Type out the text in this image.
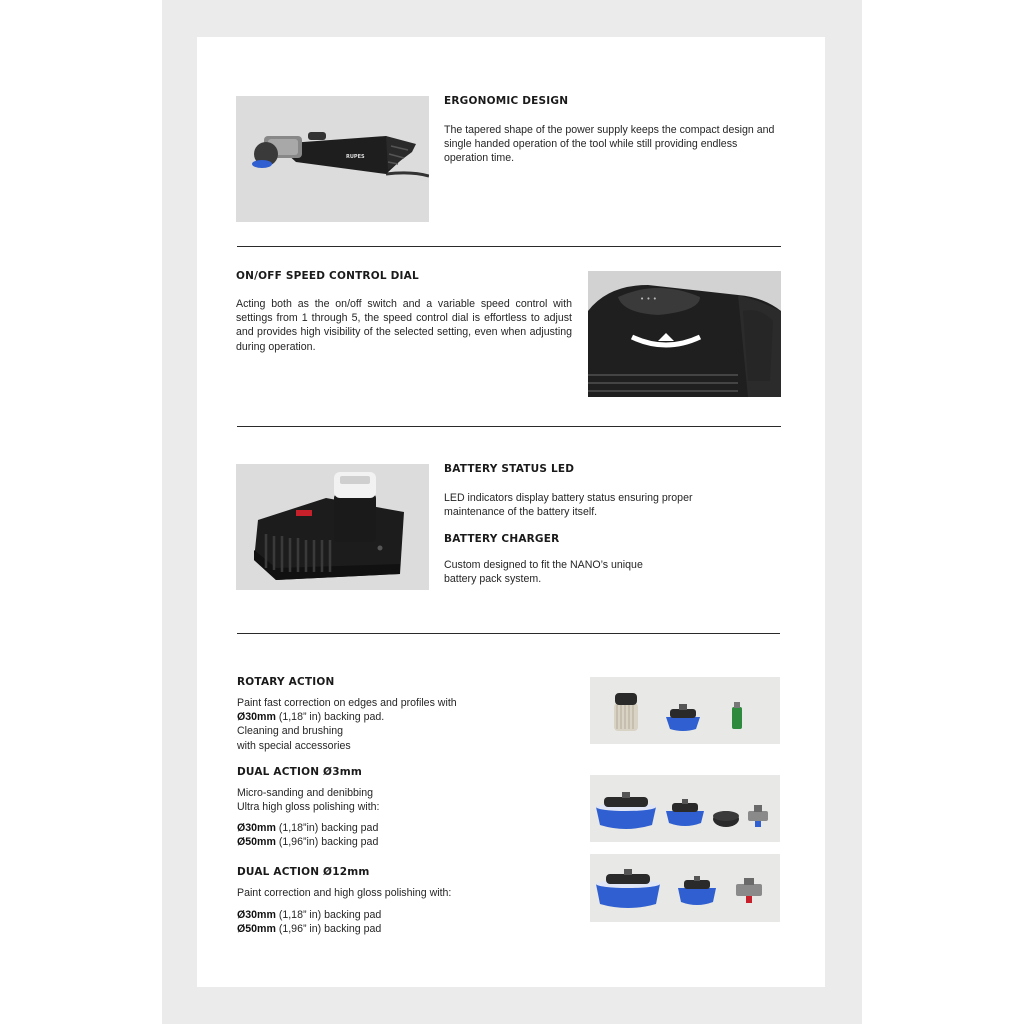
RUPES
ERGONOMIC DESIGN
The tapered shape of the power supply keeps the compact design and single handed operation of the tool while still providing endless operation time.
ON/OFF SPEED CONTROL DIAL
Acting both as the on/off switch and a variable speed control with settings from 1 through 5, the speed control dial is effortless to adjust and provides high visibility of the selected setting, even when adjusting during operation.
• • •
BATTERY STATUS LED
LED indicators display battery status ensuring proper maintenance of the battery itself.
BATTERY CHARGER
Custom designed to fit the NANO’s unique
battery pack system.
ROTARY ACTION
Paint fast correction on edges and profiles with
Ø30mm (1,18” in) backing pad.
Cleaning and brushing
with special accessories
DUAL ACTION Ø3mm
Micro-sanding and denibbing
Ultra high gloss polishing with:
Ø30mm (1,18”in) backing pad
Ø50mm (1,96”in) backing pad
DUAL ACTION Ø12mm
Paint correction and high gloss polishing with:
Ø30mm (1,18” in) backing pad
Ø50mm (1,96” in) backing pad
